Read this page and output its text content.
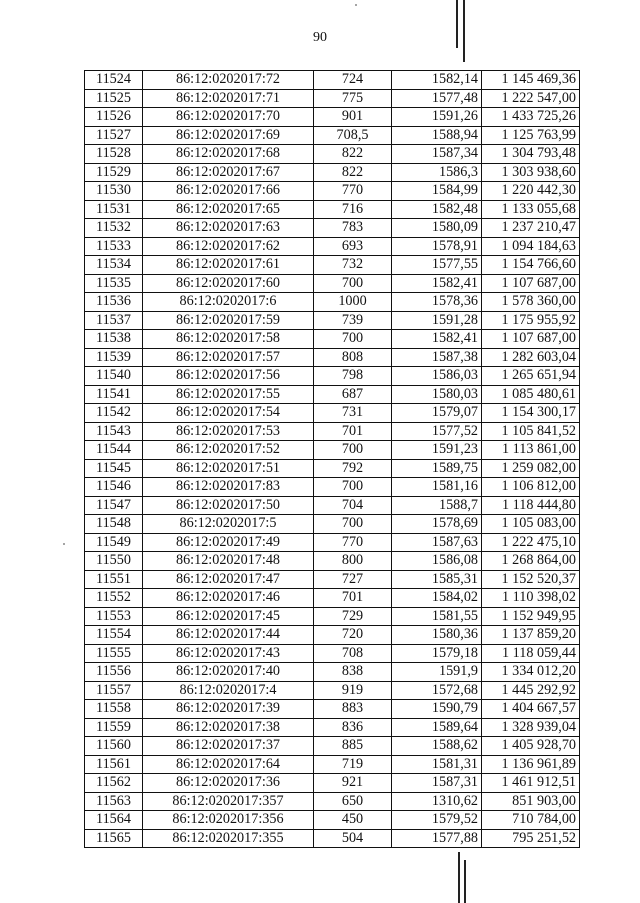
90
11524	86:12:0202017:72	724	1582,14	1 145 469,36
11525	86:12:0202017:71	775	1577,48	1 222 547,00
11526	86:12:0202017:70	901	1591,26	1 433 725,26
11527	86:12:0202017:69	708,5	1588,94	1 125 763,99
11528	86:12:0202017:68	822	1587,34	1 304 793,48
11529	86:12:0202017:67	822	1586,3	1 303 938,60
11530	86:12:0202017:66	770	1584,99	1 220 442,30
11531	86:12:0202017:65	716	1582,48	1 133 055,68
11532	86:12:0202017:63	783	1580,09	1 237 210,47
11533	86:12:0202017:62	693	1578,91	1 094 184,63
11534	86:12:0202017:61	732	1577,55	1 154 766,60
11535	86:12:0202017:60	700	1582,41	1 107 687,00
11536	86:12:0202017:6	1000	1578,36	1 578 360,00
11537	86:12:0202017:59	739	1591,28	1 175 955,92
11538	86:12:0202017:58	700	1582,41	1 107 687,00
11539	86:12:0202017:57	808	1587,38	1 282 603,04
11540	86:12:0202017:56	798	1586,03	1 265 651,94
11541	86:12:0202017:55	687	1580,03	1 085 480,61
11542	86:12:0202017:54	731	1579,07	1 154 300,17
11543	86:12:0202017:53	701	1577,52	1 105 841,52
11544	86:12:0202017:52	700	1591,23	1 113 861,00
11545	86:12:0202017:51	792	1589,75	1 259 082,00
11546	86:12:0202017:83	700	1581,16	1 106 812,00
11547	86:12:0202017:50	704	1588,7	1 118 444,80
11548	86:12:0202017:5	700	1578,69	1 105 083,00
11549	86:12:0202017:49	770	1587,63	1 222 475,10
11550	86:12:0202017:48	800	1586,08	1 268 864,00
11551	86:12:0202017:47	727	1585,31	1 152 520,37
11552	86:12:0202017:46	701	1584,02	1 110 398,02
11553	86:12:0202017:45	729	1581,55	1 152 949,95
11554	86:12:0202017:44	720	1580,36	1 137 859,20
11555	86:12:0202017:43	708	1579,18	1 118 059,44
11556	86:12:0202017:40	838	1591,9	1 334 012,20
11557	86:12:0202017:4	919	1572,68	1 445 292,92
11558	86:12:0202017:39	883	1590,79	1 404 667,57
11559	86:12:0202017:38	836	1589,64	1 328 939,04
11560	86:12:0202017:37	885	1588,62	1 405 928,70
11561	86:12:0202017:64	719	1581,31	1 136 961,89
11562	86:12:0202017:36	921	1587,31	1 461 912,51
11563	86:12:0202017:357	650	1310,62	851 903,00
11564	86:12:0202017:356	450	1579,52	710 784,00
11565	86:12:0202017:355	504	1577,88	795 251,52
